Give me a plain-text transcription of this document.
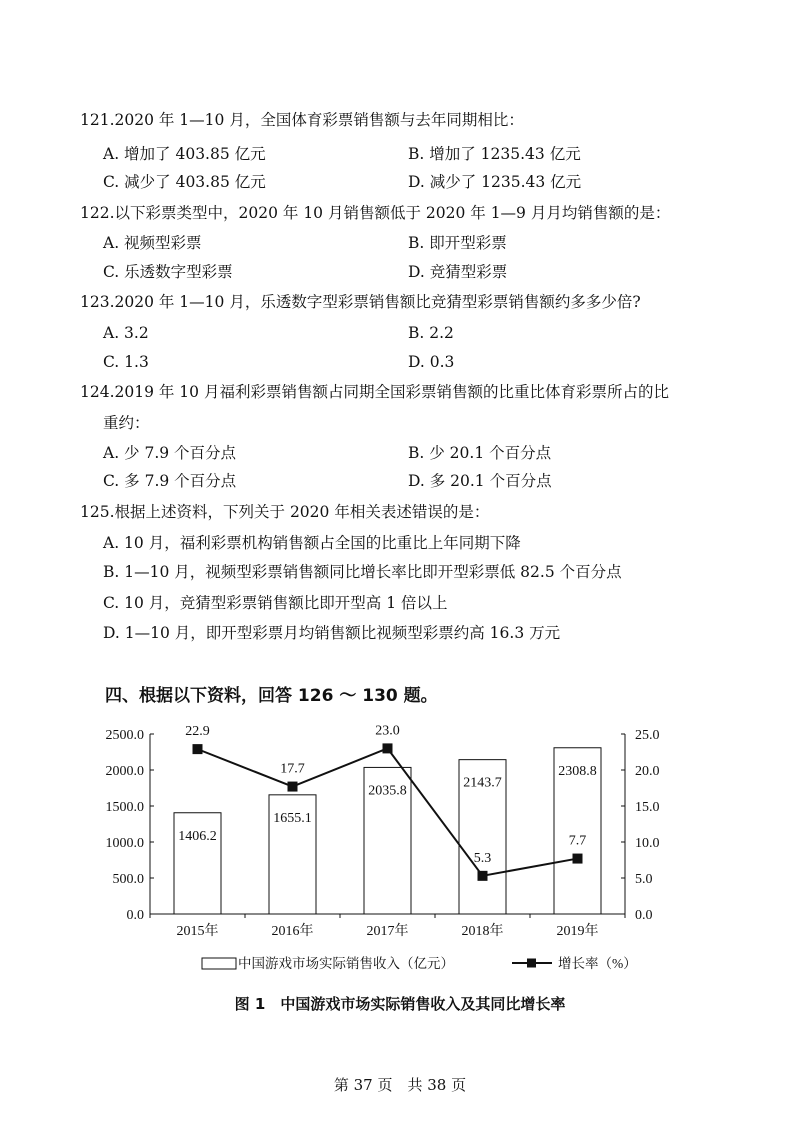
121.2020 年 1—10 月，全国体育彩票销售额与去年同期相比：
A. 增加了 403.85 亿元	B. 增加了 1235.43 亿元
C. 减少了 403.85 亿元	D. 减少了 1235.43 亿元
122.以下彩票类型中，2020 年 10 月销售额低于 2020 年 1—9 月月均销售额的是：
A. 视频型彩票	B. 即开型彩票
C. 乐透数字型彩票	D. 竞猜型彩票
123.2020 年 1—10 月，乐透数字型彩票销售额比竞猜型彩票销售额约多多少倍?
A. 3.2	B. 2.2
C. 1.3	D. 0.3
124.2019 年 10 月福利彩票销售额占同期全国彩票销售额的比重比体育彩票所占的比
重约：
A. 少 7.9 个百分点	B. 少 20.1 个百分点
C. 多 7.9 个百分点	D. 多 20.1 个百分点
125.根据上述资料，下列关于 2020 年相关表述错误的是：
A. 10 月，福利彩票机构销售额占全国的比重比上年同期下降
B. 1—10 月，视频型彩票销售额同比增长率比即开型彩票低 82.5 个百分点
C. 10 月，竞猜型彩票销售额比即开型高 1 倍以上
D. 1—10 月，即开型彩票月均销售额比视频型彩票约高 16.3 万元
四、根据以下资料，回答 126 ～ 130 题。
0.0
500.0
1000.0
1500.0
2000.0
2500.0
0.0
5.0
10.0
15.0
20.0
25.0
2015年	2016年	2017年	2018年	2019年
1406.2
1655.1
2035.8
2143.7
2308.8
22.9
17.7
23.0
5.3
7.7
中国游戏市场实际销售收入（亿元）	增长率（%）
图 1　中国游戏市场实际销售收入及其同比增长率
第 37 页　共 38 页
